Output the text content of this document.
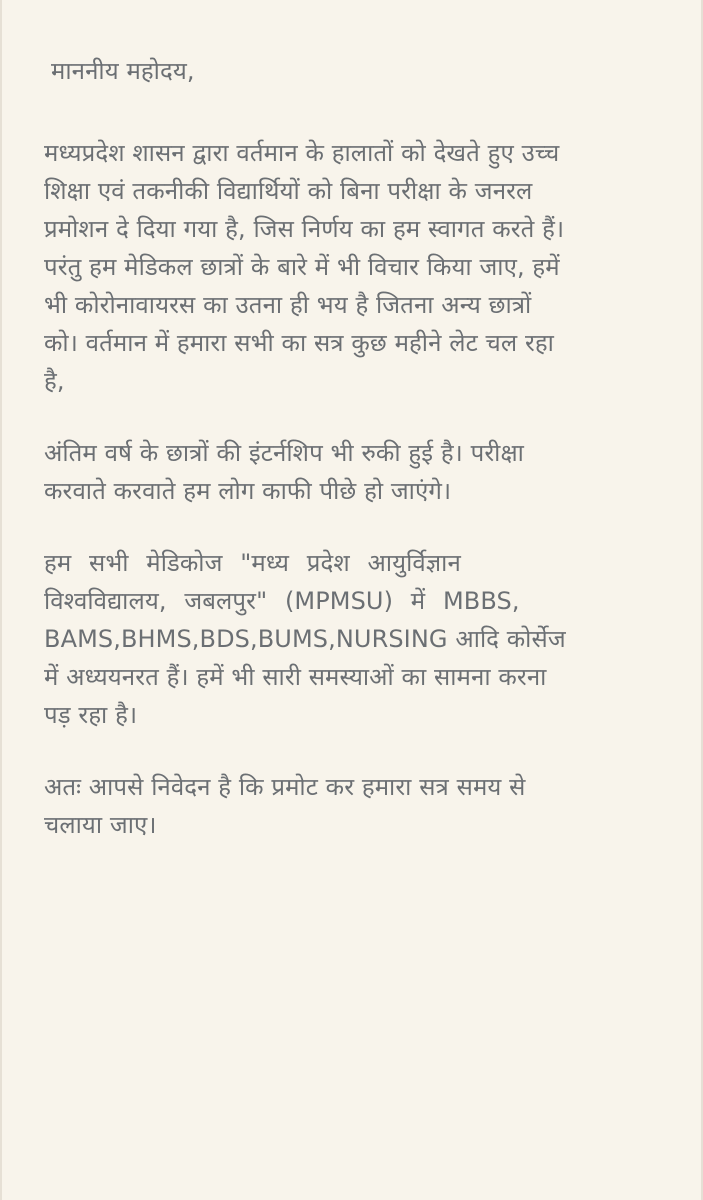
माननीय महोदय,
मध्यप्रदेश शासन द्वारा वर्तमान के हालातों को देखते हुए उच्च
शिक्षा एवं तकनीकी विद्यार्थियों को बिना परीक्षा के जनरल
प्रमोशन दे दिया गया है, जिस निर्णय का हम स्वागत करते हैं।
परंतु हम मेडिकल छात्रों के बारे में भी विचार किया जाए, हमें
भी कोरोनावायरस का उतना ही भय है जितना अन्य छात्रों
को। वर्तमान में हमारा सभी का सत्र कुछ महीने लेट चल रहा
है,
अंतिम वर्ष के छात्रों की इंटर्नशिप भी रुकी हुई है। परीक्षा
करवाते करवाते हम लोग काफी पीछे हो जाएंगे।
हम सभी मेडिकोज "मध्य प्रदेश आयुर्विज्ञान
विश्वविद्यालय, जबलपुर" (MPMSU) में MBBS,
BAMS,BHMS,BDS,BUMS,NURSING आदि कोर्सेज
में अध्ययनरत हैं। हमें भी सारी समस्याओं का सामना करना
पड़ रहा है।
अतः आपसे निवेदन है कि प्रमोट कर हमारा सत्र समय से
चलाया जाए।
